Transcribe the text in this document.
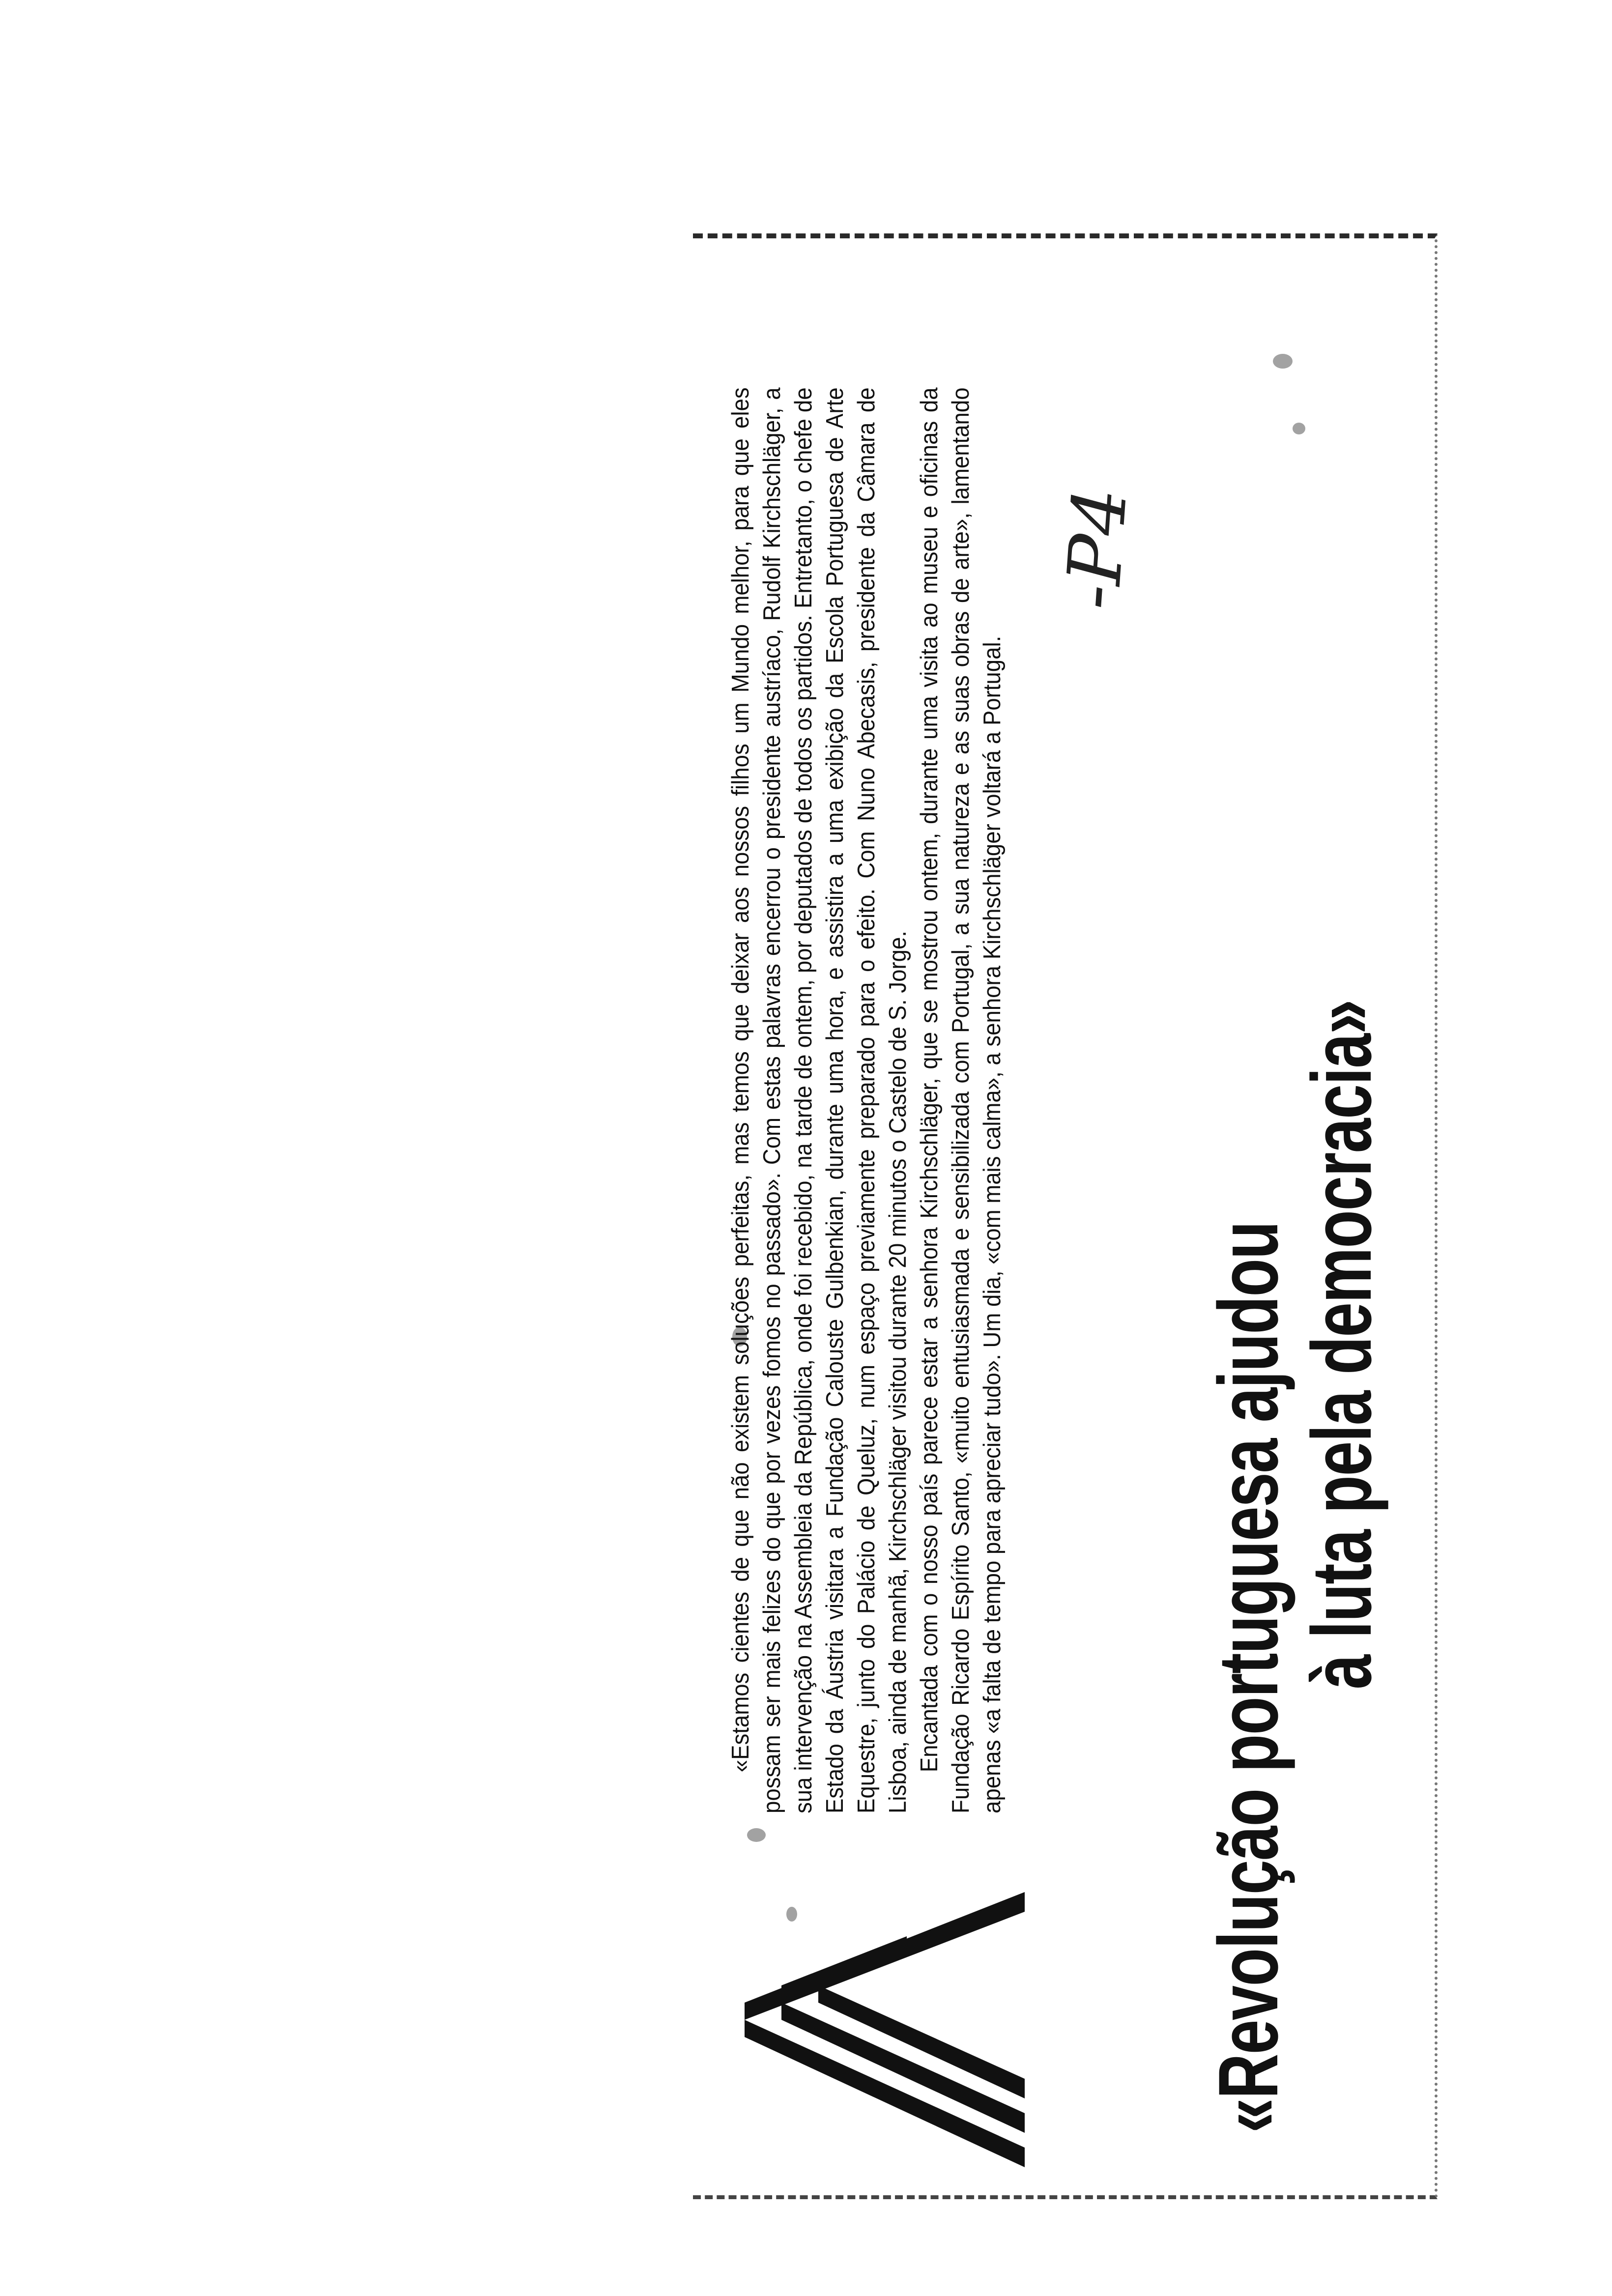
«Estamos cientes de que não existem soluções perfeitas, mas temos que deixar aos nossos filhos um Mundo melhor, para que eles possam ser mais felizes do que por vezes fomos no passado». Com estas palavras encerrou o presidente austríaco, Rudolf Kirchschläger, a sua intervenção na Assembleia da República, onde foi recebido, na tarde de ontem, por deputados de todos os partidos. Entretanto, o chefe de Estado da Áustria visitara a Fundação Calouste Gulbenkian, durante uma hora, e assistira a uma exibição da Escola Portuguesa de Arte Equestre, junto do Palácio de Queluz, num espaço previamente preparado para o efeito. Com Nuno Abecasis, presidente da Câmara de Lisboa, ainda de manhã, Kirchschläger visitou durante 20 minutos o Castelo de S. Jorge. Encantada com o nosso país parece estar a senhora Kirchschläger, que se mostrou ontem, durante uma visita ao museu e oficinas da Fundação Ricardo Espírito Santo, «muito entusiasmada e sensibilizada com Portugal, a sua natureza e as suas obras de arte», lamentando apenas «a falta de tempo para apreciar tudo». Um dia, «com mais calma», a senhora Kirchschläger voltará a Portugal. «Revolução portuguesa ajudou
à luta pela democracia»
-P4
